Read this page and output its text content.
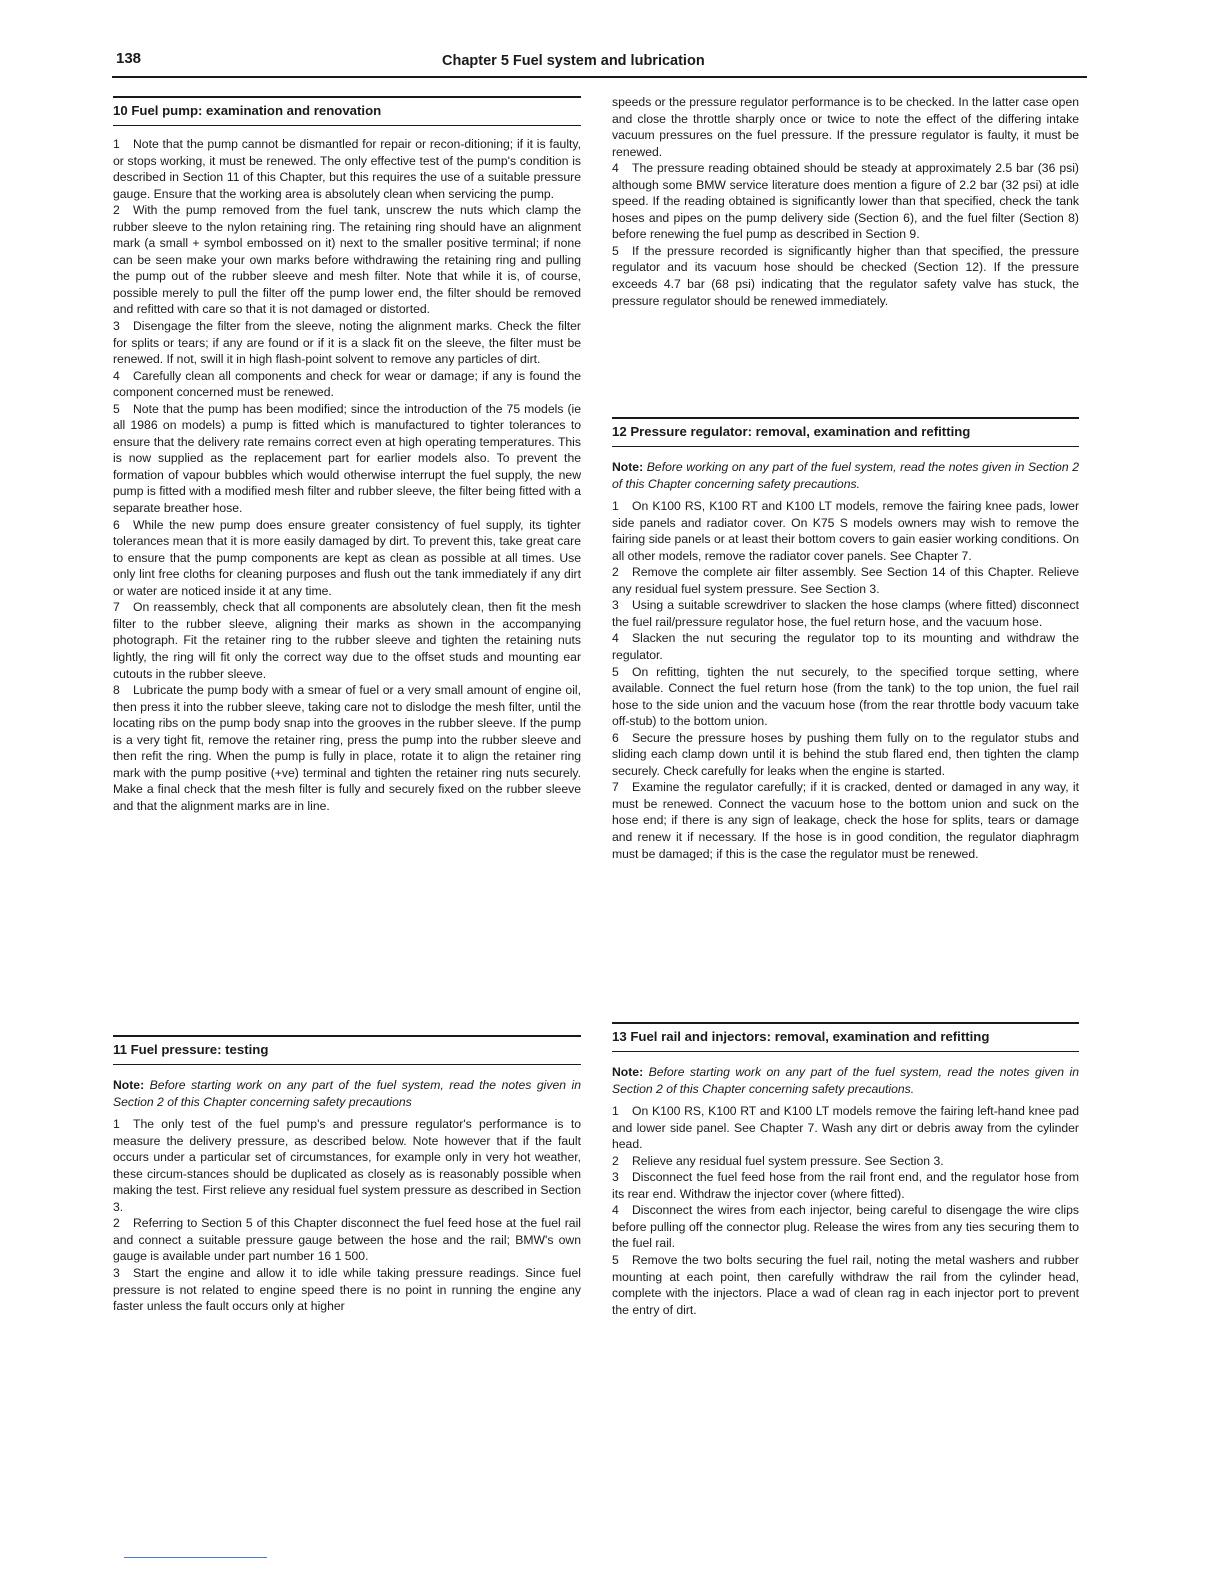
138	Chapter 5 Fuel system and lubrication
10 Fuel pump: examination and renovation

1 Note that the pump cannot be dismantled for repair or recon-ditioning; if it is faulty, or stops working, it must be renewed. The only effective test of the pump's condition is described in Section 11 of this Chapter, but this requires the use of a suitable pressure gauge. Ensure that the working area is absolutely clean when servicing the pump.

2 With the pump removed from the fuel tank, unscrew the nuts which clamp the rubber sleeve to the nylon retaining ring. The retaining ring should have an alignment mark (a small + symbol embossed on it) next to the smaller positive terminal; if none can be seen make your own marks before withdrawing the retaining ring and pulling the pump out of the rubber sleeve and mesh filter. Note that while it is, of course, possible merely to pull the filter off the pump lower end, the filter should be removed and refitted with care so that it is not damaged or distorted.

3 Disengage the filter from the sleeve, noting the alignment marks. Check the filter for splits or tears; if any are found or if it is a slack fit on the sleeve, the filter must be renewed. If not, swill it in high flash-point solvent to remove any particles of dirt.

4 Carefully clean all components and check for wear or damage; if any is found the component concerned must be renewed.

5 Note that the pump has been modified; since the introduction of the 75 models (ie all 1986 on models) a pump is fitted which is manufactured to tighter tolerances to ensure that the delivery rate remains correct even at high operating temperatures. This is now supplied as the replacement part for earlier models also. To prevent the formation of vapour bubbles which would otherwise interrupt the fuel supply, the new pump is fitted with a modified mesh filter and rubber sleeve, the filter being fitted with a separate breather hose.

6 While the new pump does ensure greater consistency of fuel supply, its tighter tolerances mean that it is more easily damaged by dirt. To prevent this, take great care to ensure that the pump components are kept as clean as possible at all times. Use only lint free cloths for cleaning purposes and flush out the tank immediately if any dirt or water are noticed inside it at any time.

7 On reassembly, check that all components are absolutely clean, then fit the mesh filter to the rubber sleeve, aligning their marks as shown in the accompanying photograph. Fit the retainer ring to the rubber sleeve and tighten the retaining nuts lightly, the ring will fit only the correct way due to the offset studs and mounting ear cutouts in the rubber sleeve.

8 Lubricate the pump body with a smear of fuel or a very small amount of engine oil, then press it into the rubber sleeve, taking care not to dislodge the mesh filter, until the locating ribs on the pump body snap into the grooves in the rubber sleeve. If the pump is a very tight fit, remove the retainer ring, press the pump into the rubber sleeve and then refit the ring. When the pump is fully in place, rotate it to align the retainer ring mark with the pump positive (+ve) terminal and tighten the retainer ring nuts securely. Make a final check that the mesh filter is fully and securely fixed on the rubber sleeve and that the alignment marks are in line.

11 Fuel pressure: testing

Note: Before starting work on any part of the fuel system, read the notes given in Section 2 of this Chapter concerning safety precautions

1 The only test of the fuel pump's and pressure regulator's performance is to measure the delivery pressure, as described below. Note however that if the fault occurs under a particular set of circumstances, for example only in very hot weather, these circum-stances should be duplicated as closely as is reasonably possible when making the test. First relieve any residual fuel system pressure as described in Section 3.

2 Referring to Section 5 of this Chapter disconnect the fuel feed hose at the fuel rail and connect a suitable pressure gauge between the hose and the rail; BMW's own gauge is available under part number 16 1 500.

3 Start the engine and allow it to idle while taking pressure readings. Since fuel pressure is not related to engine speed there is no point in running the engine any faster unless the fault occurs only at higher

speeds or the pressure regulator performance is to be checked. In the latter case open and close the throttle sharply once or twice to note the effect of the differing intake vacuum pressures on the fuel pressure. If the pressure regulator is faulty, it must be renewed.

4 The pressure reading obtained should be steady at approximately 2.5 bar (36 psi) although some BMW service literature does mention a figure of 2.2 bar (32 psi) at idle speed. If the reading obtained is significantly lower than that specified, check the tank hoses and pipes on the pump delivery side (Section 6), and the fuel filter (Section 8) before renewing the fuel pump as described in Section 9.

5 If the pressure recorded is significantly higher than that specified, the pressure regulator and its vacuum hose should be checked (Section 12). If the pressure exceeds 4.7 bar (68 psi) indicating that the regulator safety valve has stuck, the pressure regulator should be renewed immediately.

12 Pressure regulator: removal, examination and refitting

Note: Before working on any part of the fuel system, read the notes given in Section 2 of this Chapter concerning safety precautions.

1 On K100 RS, K100 RT and K100 LT models, remove the fairing knee pads, lower side panels and radiator cover. On K75 S models owners may wish to remove the fairing side panels or at least their bottom covers to gain easier working conditions. On all other models, remove the radiator cover panels. See Chapter 7.

2 Remove the complete air filter assembly. See Section 14 of this Chapter. Relieve any residual fuel system pressure. See Section 3.

3 Using a suitable screwdriver to slacken the hose clamps (where fitted) disconnect the fuel rail/pressure regulator hose, the fuel return hose, and the vacuum hose.

4 Slacken the nut securing the regulator top to its mounting and withdraw the regulator.

5 On refitting, tighten the nut securely, to the specified torque setting, where available. Connect the fuel return hose (from the tank) to the top union, the fuel rail hose to the side union and the vacuum hose (from the rear throttle body vacuum take off-stub) to the bottom union.

6 Secure the pressure hoses by pushing them fully on to the regulator stubs and sliding each clamp down until it is behind the stub flared end, then tighten the clamp securely. Check carefully for leaks when the engine is started.

7 Examine the regulator carefully; if it is cracked, dented or damaged in any way, it must be renewed. Connect the vacuum hose to the bottom union and suck on the hose end; if there is any sign of leakage, check the hose for splits, tears or damage and renew it if necessary. If the hose is in good condition, the regulator diaphragm must be damaged; if this is the case the regulator must be renewed.

13 Fuel rail and injectors: removal, examination and refitting

Note: Before starting work on any part of the fuel system, read the notes given in Section 2 of this Chapter concerning safety precautions.

1 On K100 RS, K100 RT and K100 LT models remove the fairing left-hand knee pad and lower side panel. See Chapter 7. Wash any dirt or debris away from the cylinder head.

2 Relieve any residual fuel system pressure. See Section 3.

3 Disconnect the fuel feed hose from the rail front end, and the regulator hose from its rear end. Withdraw the injector cover (where fitted).

4 Disconnect the wires from each injector, being careful to disengage the wire clips before pulling off the connector plug. Release the wires from any ties securing them to the fuel rail.

5 Remove the two bolts securing the fuel rail, noting the metal washers and rubber mounting at each point, then carefully withdraw the rail from the cylinder head, complete with the injectors. Place a wad of clean rag in each injector port to prevent the entry of dirt.
